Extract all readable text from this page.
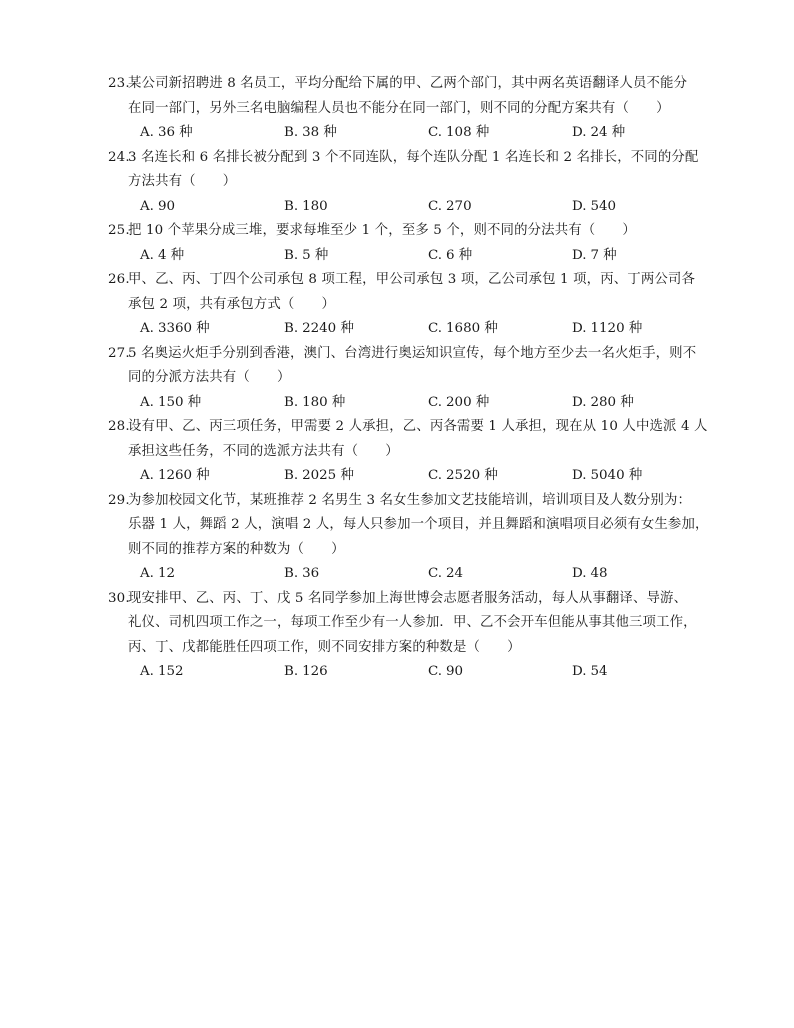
23.
某公司新招聘进 8 名员工，平均分配给下属的甲、乙两个部门，其中两名英语翻译人员不能分
在同一部门，另外三名电脑编程人员也不能分在同一部门，则不同的分配方案共有（　　）
A. 36 种	B. 38 种	C. 108 种	D. 24 种
24.
3 名连长和 6 名排长被分配到 3 个不同连队，每个连队分配 1 名连长和 2 名排长，不同的分配
方法共有（　　）
A. 90	B. 180	C. 270	D. 540
25.
把 10 个苹果分成三堆，要求每堆至少 1 个，至多 5 个，则不同的分法共有（　　）
A. 4 种	B. 5 种	C. 6 种	D. 7 种
26.
甲、乙、丙、丁四个公司承包 8 项工程，甲公司承包 3 项，乙公司承包 1 项，丙、丁两公司各
承包 2 项，共有承包方式（　　）
A. 3360 种	B. 2240 种	C. 1680 种	D. 1120 种
27.
5 名奥运火炬手分别到香港，澳门、台湾进行奥运知识宣传，每个地方至少去一名火炬手，则不
同的分派方法共有（　　）
A. 150 种	B. 180 种	C. 200 种	D. 280 种
28.
设有甲、乙、丙三项任务，甲需要 2 人承担，乙、丙各需要 1 人承担，现在从 10 人中选派 4 人
承担这些任务，不同的选派方法共有（　　）
A. 1260 种	B. 2025 种	C. 2520 种	D. 5040 种
29.
为参加校园文化节，某班推荐 2 名男生 3 名女生参加文艺技能培训，培训项目及人数分别为：
乐器 1 人，舞蹈 2 人，演唱 2 人，每人只参加一个项目，并且舞蹈和演唱项目必须有女生参加，
则不同的推荐方案的种数为（　　）
A. 12	B. 36	C. 24	D. 48
30.
现安排甲、乙、丙、丁、戊 5 名同学参加上海世博会志愿者服务活动，每人从事翻译、导游、
礼仪、司机四项工作之一，每项工作至少有一人参加．甲、乙不会开车但能从事其他三项工作，
丙、丁、戊都能胜任四项工作，则不同安排方案的种数是（　　）
A. 152	B. 126	C. 90	D. 54
